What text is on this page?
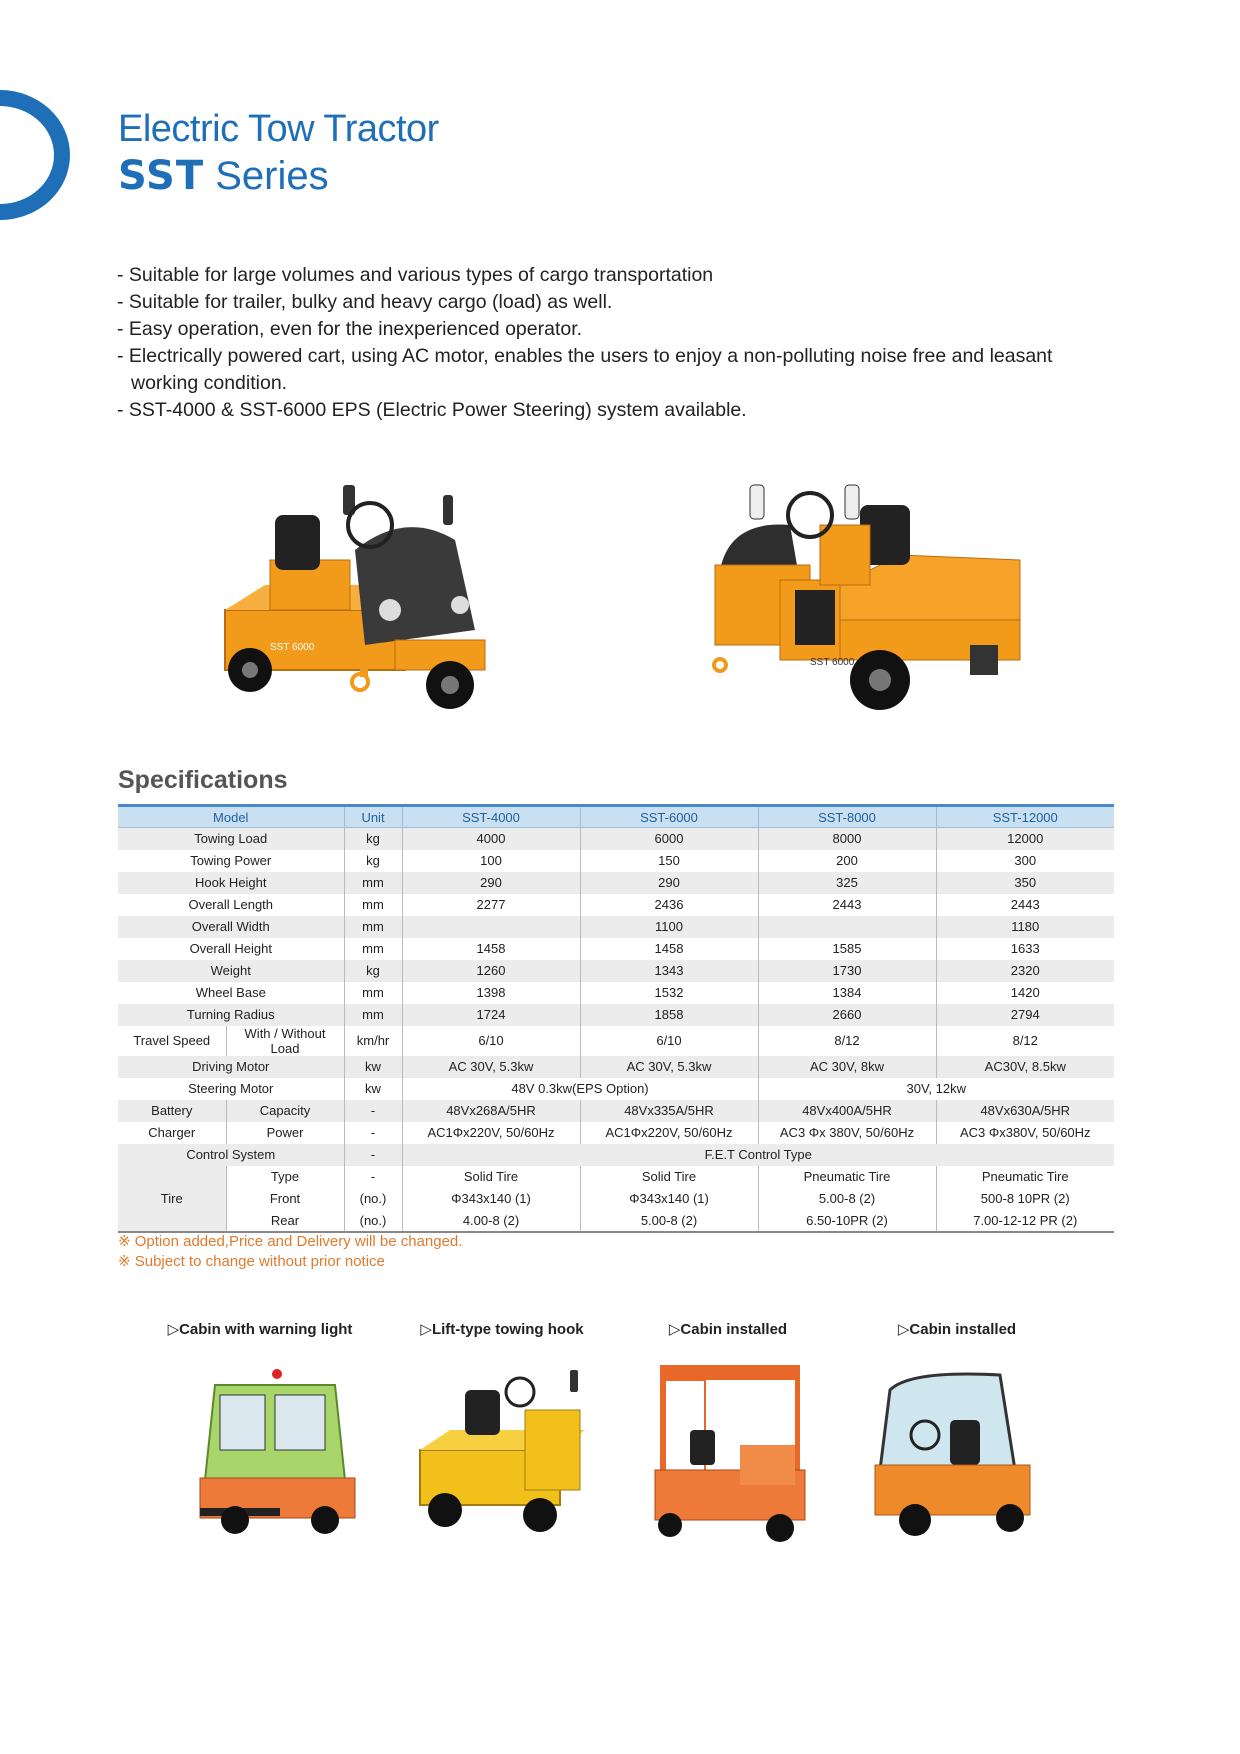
Electric Tow Tractor
SST Series
- Suitable for large volumes and various types of cargo transportation
- Suitable for trailer, bulky and heavy cargo (load) as well.
- Easy operation, even for the inexperienced operator.
- Electrically powered cart, using AC motor, enables the users to enjoy a non-polluting noise free and leasant working condition.
- SST-4000 & SST-6000 EPS (Electric Power Steering) system available.
SST 6000
SST 6000
Specifications
Model		Unit	SST-4000	SST-6000	SST-8000	SST-12000
Towing Load		kg	4000	6000	8000	12000
Towing Power		kg	100	150	200	300
Hook Height		mm	290	290	325	350
Overall Length		mm	2277	2436	2443	2443
Overall Width		mm		1100		1180
Overall Height		mm	1458	1458	1585	1633
Weight		kg	1260	1343	1730	2320
Wheel Base		mm	1398	1532	1384	1420
Turning Radius		mm	1724	1858	2660	2794
Travel Speed	With / Without Load	km/hr	6/10	6/10	8/12	8/12
Driving Motor		kw	AC 30V, 5.3kw	AC 30V, 5.3kw	AC 30V, 8kw	AC30V, 8.5kw
Steering Motor		kw	48V 0.3kw(EPS Option)		30V, 12kw	
Battery	Capacity	-	48Vx268A/5HR	48Vx335A/5HR	48Vx400A/5HR	48Vx630A/5HR
Charger	Power	-	AC1Φx220V, 50/60Hz	AC1Φx220V, 50/60Hz	AC3 Φx 380V, 50/60Hz	AC3 Φx380V, 50/60Hz
Control System		-	F.E.T Control Type			
Tire	Type	-	Solid Tire	Solid Tire	Pneumatic Tire	Pneumatic Tire
	Front	(no.)	Φ343x140 (1)	Φ343x140 (1)	5.00-8 (2)	500-8 10PR (2)
	Rear	(no.)	4.00-8 (2)	5.00-8 (2)	6.50-10PR (2)	7.00-12-12 PR (2)
※ Option added,Price and Delivery will be changed.
※ Subject to change without prior notice
▷Cabin with warning light	▷Lift-type towing hook	▷Cabin installed	▷Cabin installed
